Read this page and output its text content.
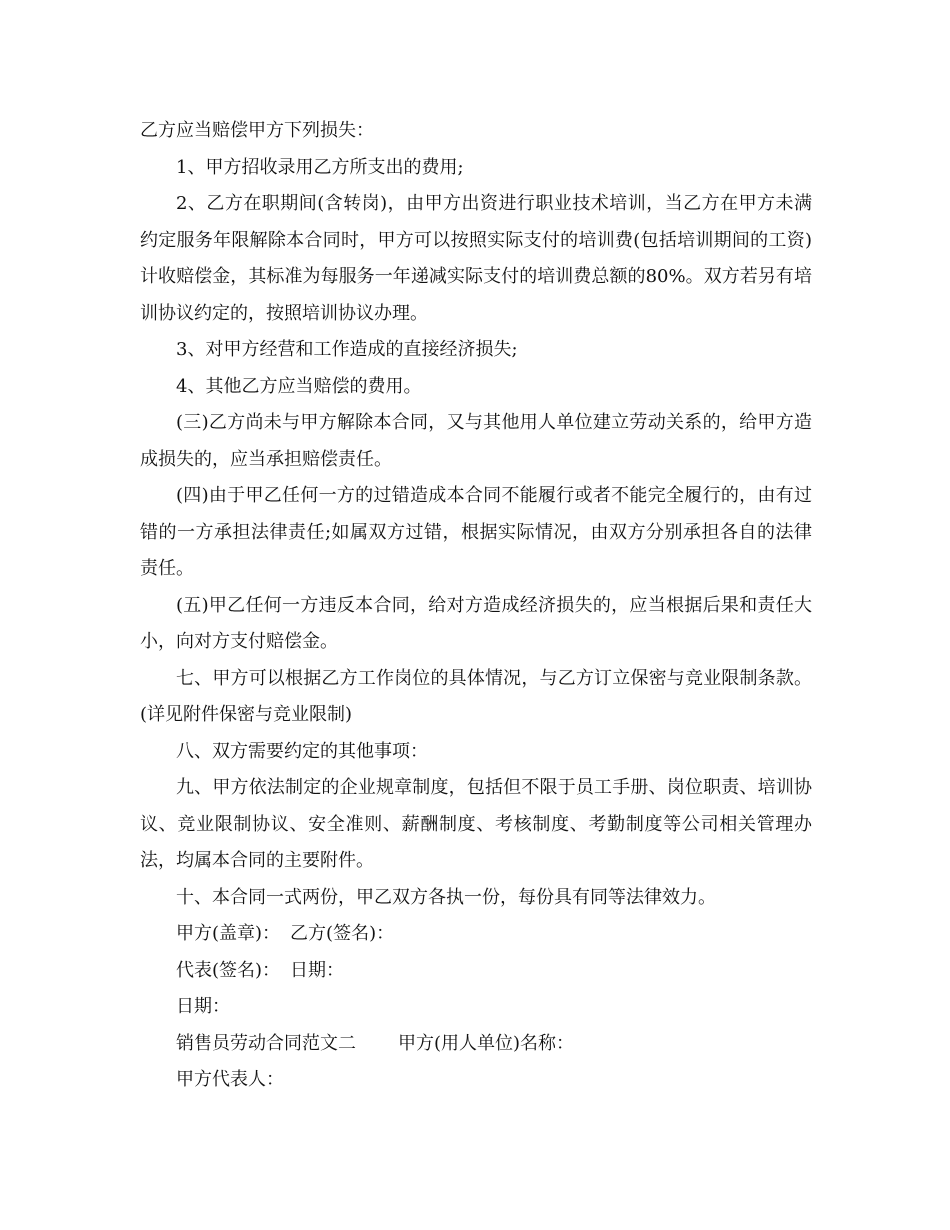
乙方应当赔偿甲方下列损失：

1、甲方招收录用乙方所支出的费用;

2、乙方在职期间(含转岗)，由甲方出资进行职业技术培训，当乙方在甲方未满约定服务年限解除本合同时，甲方可以按照实际支付的培训费(包括培训期间的工资)计收赔偿金，其标准为每服务一年递减实际支付的培训费总额的80%。双方若另有培训协议约定的，按照培训协议办理。

3、对甲方经营和工作造成的直接经济损失;

4、其他乙方应当赔偿的费用。

(三)乙方尚未与甲方解除本合同，又与其他用人单位建立劳动关系的，给甲方造成损失的，应当承担赔偿责任。

(四)由于甲乙任何一方的过错造成本合同不能履行或者不能完全履行的，由有过错的一方承担法律责任;如属双方过错，根据实际情况，由双方分别承担各自的法律责任。

(五)甲乙任何一方违反本合同，给对方造成经济损失的，应当根据后果和责任大小，向对方支付赔偿金。

七、甲方可以根据乙方工作岗位的具体情况，与乙方订立保密与竞业限制条款。(详见附件保密与竞业限制)

八、双方需要约定的其他事项：

九、甲方依法制定的企业规章制度，包括但不限于员工手册、岗位职责、培训协议、竞业限制协议、安全准则、薪酬制度、考核制度、考勤制度等公司相关管理办法，均属本合同的主要附件。

十、本合同一式两份，甲乙双方各执一份，每份具有同等法律效力。

甲方(盖章)： 乙方(签名)：
代表(签名)： 日期：
日期：
销售员劳动合同范文二 甲方(用人单位)名称：
甲方代表人：
